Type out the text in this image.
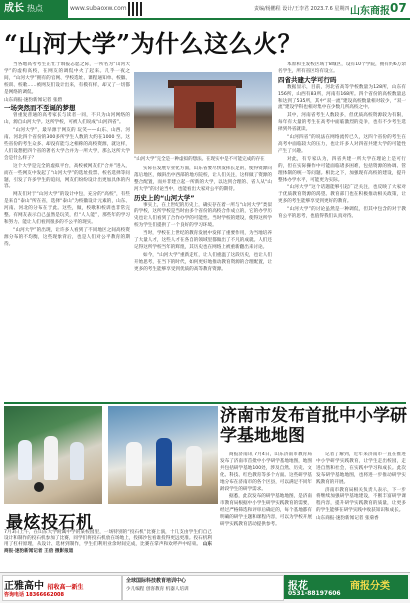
成长 热点	www.subaoxw.com	责编/杨鹏程 设计/王李君 2023.7.6 星期四 山东商报 07
“山河大学”为什么这么火？

当各地高考考生正忙于填报志愿之际，一所名为“山河大学”的虚构高校，在网友的调侃中火了起来。几乎一夜之间，“山河大学”拥有的官网、学校选址、课程通知单、校徽、校训、校歌……被网友们设计出来，有模有样，却又了一切都是网络的调侃。

山东商报·速豹新闻记者 张碧

一场突然而不至诞的梦想

曾重复普通的高考家长与读者一同，不只为山河网络的山，源自山河大学。这所学校，可被人们说成“山河四省”。

“山河大学”，最早源于网友的 玩笑——山东、山西、河南、河北四个省份的300多所学生人数的大约在1000 至。这些省份的考生众多、却没有能与之相称的高校资源，就这样，人们设想把四个省的著名大学合并为一所大学，那么这所大学会是什么样子？

这个大学是完全的虚拟平台，高校被网友们“合并”进入，而在一些网友中发起了“山河大学”的选址投票、校名选择等问题，引发了许多学生的追问，网友们纷纷设计出更加具体的内容。

网友们对于“山河大学”的设计中包，充分的“高校”，有些是来自“泰山”所在省，选择“泰山”为校徽设计元素的，山东、河南、河北的分布在于此。这些，做，校歌和校训也非常完整。有网友表示自己虽然是玩笑，但“人人能”，那些年的学习和努力、能让人们看到很多的不公平的现实。

“山河大学”的出现，让许多人看到了不同地区之间高校资源分布的不均衡，这些现象背后，也是人们对公平教育的期待。

“山河大学”完全是一种虚拟的想法。在现实中是不可能完成的存在

实际在发展专业化方面，山东省要尽快发挥长足的，使得资源向落后地区，倾斜出中西部的地方院校，让人们关注，这样做了资源的整合配置，而并非建立起一所新的大学，以达到合理的、省人从“山河大学”的讨论当中，也能看出大家对公平的期待。

历史上的“山河大学”

事实上，在上世纪的历史上，确实存在着一所与“山河大学”类似的学校，这所学校是当时由多个省份的高校合作成立的，它的办学历史也让人们看到了合作办学的可能性。当时学校的建设，使得这所学校为学生们提供了一个良好的学习环境。

当时，学校在上世纪的教育发展中发挥了重要作用，为当地培养了大量人才，这些人才在各自的领域里都做出了不凡的成就。人们还记得这所学校当年的辉煌，其历史也在网络上被重新翻出来讨论。

如今，“山河大学”重新走红，让人们重温了这段历史，也让人们开始思考，在当下的时代，如何更好地推动教育资源的合理配置，让更多的考生能够享受到优质的高等教育资源。

本原和主发校区域于8城区，设有10个学院，拥有约6万余名学生，所有省区均有设立。

四省共建大学可行吗

数据显示，目前，河北省高等学校数量为128所，山东有156所，山西有83所，河南有168所。四个省份的高校数量总和达到了535所，其中“双一流”建设高校数量相对较少，“双一流”建设学科也相对集中在少数几所高校之中。

其中，河南省考生人数较多，但优质高校资源较为有限，每年有大量的考生在高考中面临激烈的竞争，也有不少考生选择到外省就读。

“山河四省”的说法在网络流传已久，这四个省份的考生在高考中面临较大的压力，也让许多人对四省共建大学的可能性产生了兴趣。

对此，有专家认为，四省共建一所大学在理论上是可行的，但在实际操作中可能面临诸多困难，包括资源的协调、管理体制的统一等问题。相比之下，加强现有高校的建设，提升整体办学水平，可能更为实际。

“山河大学”这个话题能够引起广泛关注，也反映了大家对于优质教育资源的渴望。教育部门也在积极推动相关政策，让更多的考生能够享受到更好的教育。

“山河大学”的讨论虽然是一种调侃，但其中包含的对于教育公平的思考，也值得我们认真对待。

最炫投石机
7月3日上午，在山东大学附属中学的某校园里，一场特别的“投石机”比赛上演，十几支由学生们自己设计和制作的投石机参加了比赛，同学们将投石机放在场地上，投掷沙包看谁投得更远更准。投石机利用了杠杆原理，从设计、选材到制作，学生们利用业余时间完成，比赛在掌声和欢呼声中结束。 山东商报·速豹新闻记者 王倍 摄影报道
济南市发布首批中小学研学基地地图

商报济南讯 7月4日，山东济南市教育局发布了济南市首批中小学研学基地地图，地图共包括研学基地100处，涉及自然、历史、文化、科技、红色教育等多个方面。这些研学基地分布在济南市的各个区县，可以满足不同年龄段学生的研学需求。

据悉，此次发布的研学基地地图，是济南市教育局根据中小学生研学实践教育的需要，经过严格筛选和评审后确定的，每个基地都有明确的研学主题和课程内容，可以为学校开展研学实践教育活动提供参考。

记者了解到，近年来济南市一直在推进中小学研学实践教育，让学生走出校园，走进自然和社会，在实践中学习和成长。此次发布研学基地地图，也将进一步推动研学实践教育的开展。

济南市教育局相关负责人表示，下一步将继续加强研学基地建设，不断丰富研学课程内容，提升研学实践教育的质量，让更多的学生能够在研学实践中收获知识和成长。

山东商报·速豹新闻记者 张菊香

正雅高中 招收高一新生
咨询电话 18366662008
全球国际科技教育培训中心
少儿编程 创客教育 机器人培训	报花	商报分类
0531-88197606
